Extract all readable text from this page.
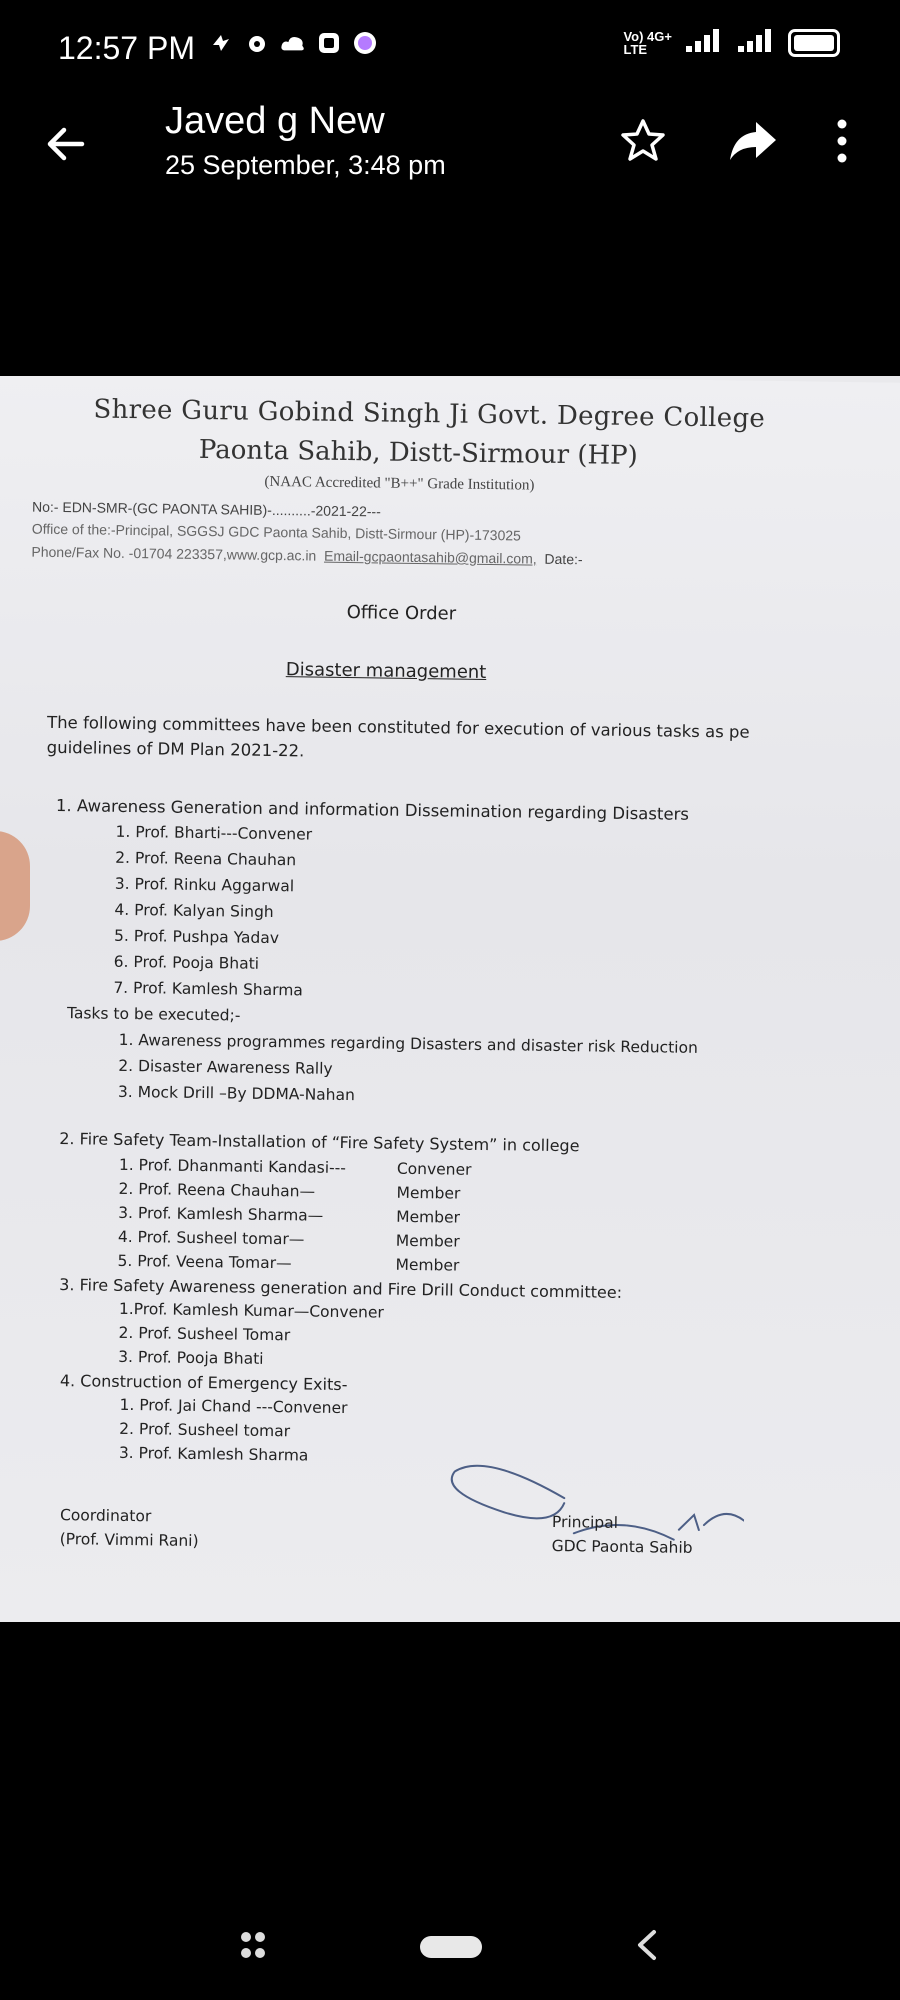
12:57 PM	Vo) 4G+
LTE
Javed g New
25 September, 3:48 pm
Shree Guru Gobind Singh Ji Govt. Degree College
Paonta Sahib, Distt-Sirmour (HP)
(NAAC Accredited "B++" Grade Institution)
No:- EDN-SMR-(GC PAONTA SAHIB)-..........-2021-22---
Office of the:-Principal, SGGSJ GDC Paonta Sahib, Distt-Sirmour (HP)-173025
Phone/Fax No. -01704 223357,www.gcp.ac.in Email-gcpaontasahib@gmail.com, Date:-
Office Order
Disaster management
The following committees have been constituted for execution of various tasks as pe
guidelines of DM Plan 2021-22.
1. Awareness Generation and information Dissemination regarding Disasters
1. Prof. Bharti---Convener
2. Prof. Reena Chauhan
3. Prof. Rinku Aggarwal
4. Prof. Kalyan Singh
5. Prof. Pushpa Yadav
6. Prof. Pooja Bhati
7. Prof. Kamlesh Sharma
Tasks to be executed;-
1. Awareness programmes regarding Disasters and disaster risk Reduction
2. Disaster Awareness Rally
3. Mock Drill –By DDMA-Nahan
2. Fire Safety Team-Installation of “Fire Safety System” in college
1. Prof. Dhanmanti Kandasi---	Convener
2. Prof. Reena Chauhan—	Member
3. Prof. Kamlesh Sharma—	Member
4. Prof. Susheel tomar—	Member
5. Prof. Veena Tomar—	Member
3. Fire Safety Awareness generation and Fire Drill Conduct committee:
1.Prof. Kamlesh Kumar—Convener
2. Prof. Susheel Tomar
3. Prof. Pooja Bhati
4. Construction of Emergency Exits-
1. Prof. Jai Chand ---Convener
2. Prof. Susheel tomar
3. Prof. Kamlesh Sharma
Coordinator
(Prof. Vimmi Rani)
Principal
GDC Paonta Sahib
